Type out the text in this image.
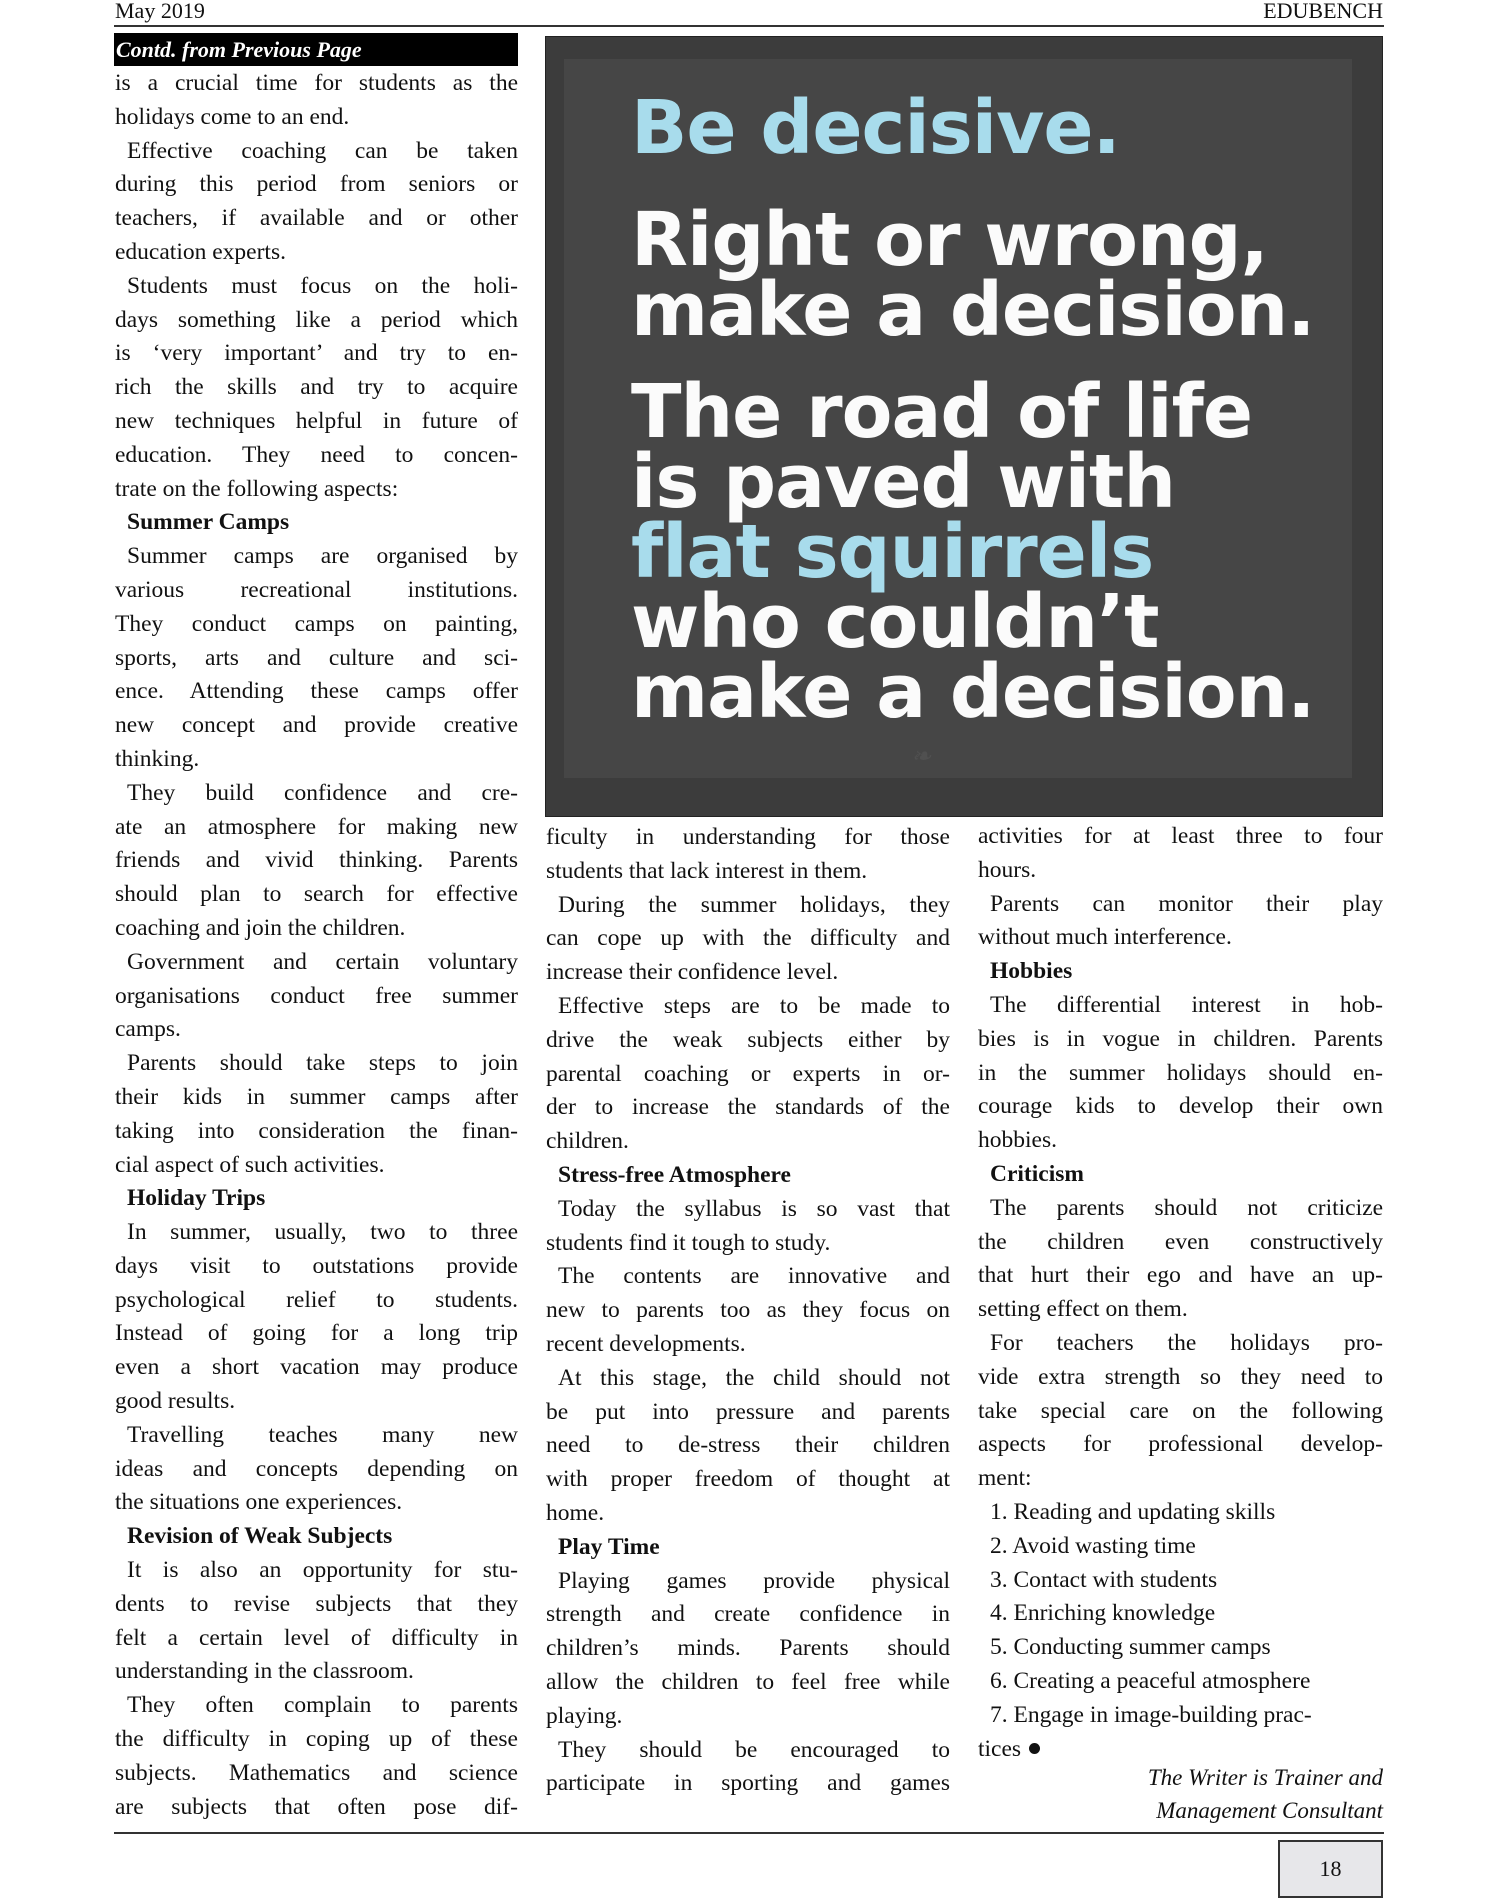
May 2019	EDUBENCH
Contd. from Previous Page
is a crucial time for students as the
holidays come to an end.
Effective coaching can be taken
during this period from seniors or
teachers, if available and or other
education experts.
Students must focus on the holi-
days something like a period which
is ‘very important’ and try to en-
rich the skills and try to acquire
new techniques helpful in future of
education. They need to concen-
trate on the following aspects:
Summer Camps
Summer camps are organised by
various recreational institutions.
They conduct camps on painting,
sports, arts and culture and sci-
ence. Attending these camps offer
new concept and provide creative
thinking.
They build confidence and cre-
ate an atmosphere for making new
friends and vivid thinking. Parents
should plan to search for effective
coaching and join the children.
Government and certain voluntary
organisations conduct free summer
camps.
Parents should take steps to join
their kids in summer camps after
taking into consideration the finan-
cial aspect of such activities.
Holiday Trips
In summer, usually, two to three
days visit to outstations provide
psychological relief to students.
Instead of going for a long trip
even a short vacation may produce
good results.
Travelling teaches many new
ideas and concepts depending on
the situations one experiences.
Revision of Weak Subjects
It is also an opportunity for stu-
dents to revise subjects that they
felt a certain level of difficulty in
understanding in the classroom.
They often complain to parents
the difficulty in coping up of these
subjects. Mathematics and science
are subjects that often pose dif-
Be decisive.
Right or wrong,
make a decision.
The road of life
is paved with
flat squirrels
who couldn’t
make a decision.
❧
ficulty in understanding for those
students that lack interest in them.
During the summer holidays, they
can cope up with the difficulty and
increase their confidence level.
Effective steps are to be made to
drive the weak subjects either by
parental coaching or experts in or-
der to increase the standards of the
children.
Stress-free Atmosphere
Today the syllabus is so vast that
students find it tough to study.
The contents are innovative and
new to parents too as they focus on
recent developments.
At this stage, the child should not
be put into pressure and parents
need to de-stress their children
with proper freedom of thought at
home.
Play Time
Playing games provide physical
strength and create confidence in
children’s minds. Parents should
allow the children to feel free while
playing.
They should be encouraged to
participate in sporting and games
activities for at least three to four
hours.
Parents can monitor their play
without much interference.
Hobbies
The differential interest in hob-
bies is in vogue in children. Parents
in the summer holidays should en-
courage kids to develop their own
hobbies.
Criticism
The parents should not criticize
the children even constructively
that hurt their ego and have an up-
setting effect on them.
For teachers the holidays pro-
vide extra strength so they need to
take special care on the following
aspects for professional develop-
ment:
1. Reading and updating skills
2. Avoid wasting time
3. Contact with students
4. Enriching knowledge
5. Conducting summer camps
6. Creating a peaceful atmosphere
7. Engage in image-building prac-
tices
The Writer is Trainer and
Management Consultant
18
